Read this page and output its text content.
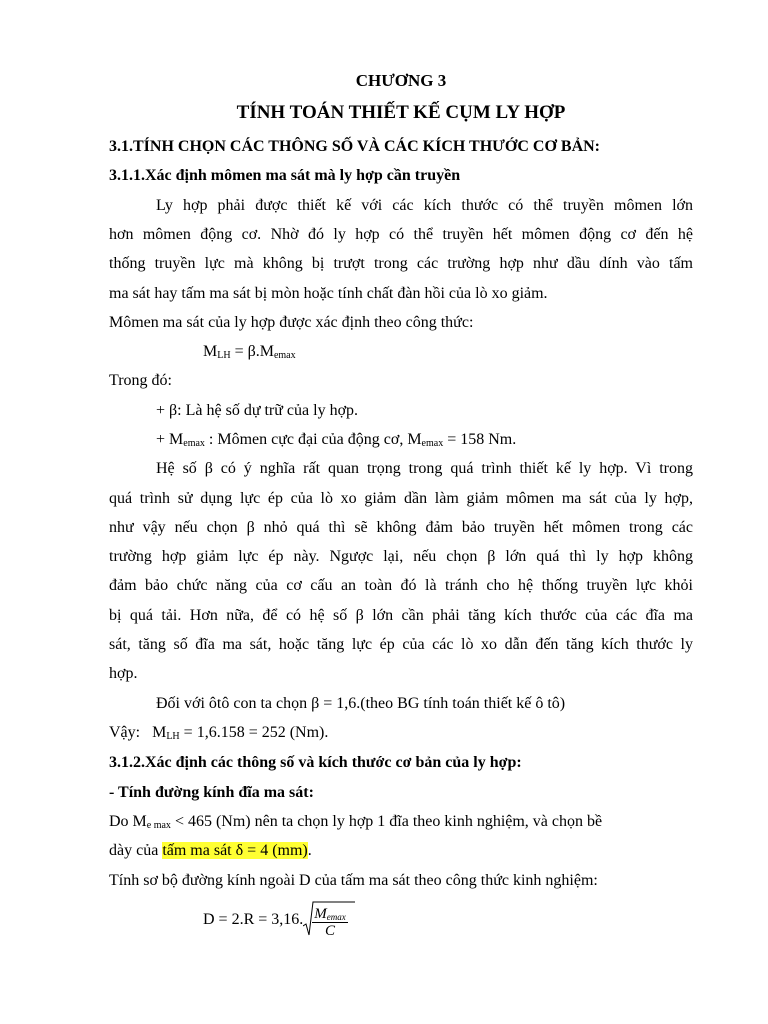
CHƯƠNG 3
TÍNH TOÁN THIẾT KẾ CỤM LY HỢP
3.1.TÍNH CHỌN CÁC THÔNG SỐ VÀ CÁC KÍCH THƯỚC CƠ BẢN:
3.1.1.Xác định mômen ma sát mà ly hợp cần truyền
Ly hợp phải được thiết kế với các kích thước có thể truyền mômen lớn
hơn mômen động cơ. Nhờ đó ly hợp có thể truyền hết mômen động cơ đến hệ
thống truyền lực mà không bị trượt trong các trường hợp như dầu dính vào tấm
ma sát hay tấm ma sát bị mòn hoặc tính chất đàn hồi của lò xo giảm.
Mômen ma sát của ly hợp được xác định theo công thức:
$M_{LH} = \beta.M_{emax}$
Trong đó:
+ β: Là hệ số dự trữ của ly hợp.
+ $M_{emax}$ : Mômen cực đại của động cơ, $M_{emax} = 158$ Nm.
Hệ số β có ý nghĩa rất quan trọng trong quá trình thiết kế ly hợp. Vì trong
quá trình sử dụng lực ép của lò xo giảm dần làm giảm mômen ma sát của ly hợp,
như vậy nếu chọn β nhỏ quá thì sẽ không đảm bảo truyền hết mômen trong các
trường hợp giảm lực ép này. Ngược lại, nếu chọn β lớn quá thì ly hợp không
đảm bảo chức năng của cơ cấu an toàn đó là tránh cho hệ thống truyền lực khỏi
bị quá tải. Hơn nữa, để có hệ số β lớn cần phải tăng kích thước của các đĩa ma
sát, tăng số đĩa ma sát, hoặc tăng lực ép của các lò xo dẫn đến tăng kích thước ly
hợp.
Đối với ôtô con ta chọn β = 1,6.(theo BG tính toán thiết kế ô tô)
Vậy:   $M_{LH} = 1,6.158 = 252$ (Nm).
3.1.2.Xác định các thông số và kích thước cơ bản của ly hợp:
- Tính đường kính đĩa ma sát:
Do $M_{e max} < 465$ (Nm) nên ta chọn ly hợp 1 đĩa theo kinh nghiệm, và chọn bề
dày của tấm ma sát δ = 4 (mm).
Tính sơ bộ đường kính ngoài D của tấm ma sát theo công thức kinh nghiệm:
D = 2.R = 3,16. $\frac{M_{emax}}{C}$
